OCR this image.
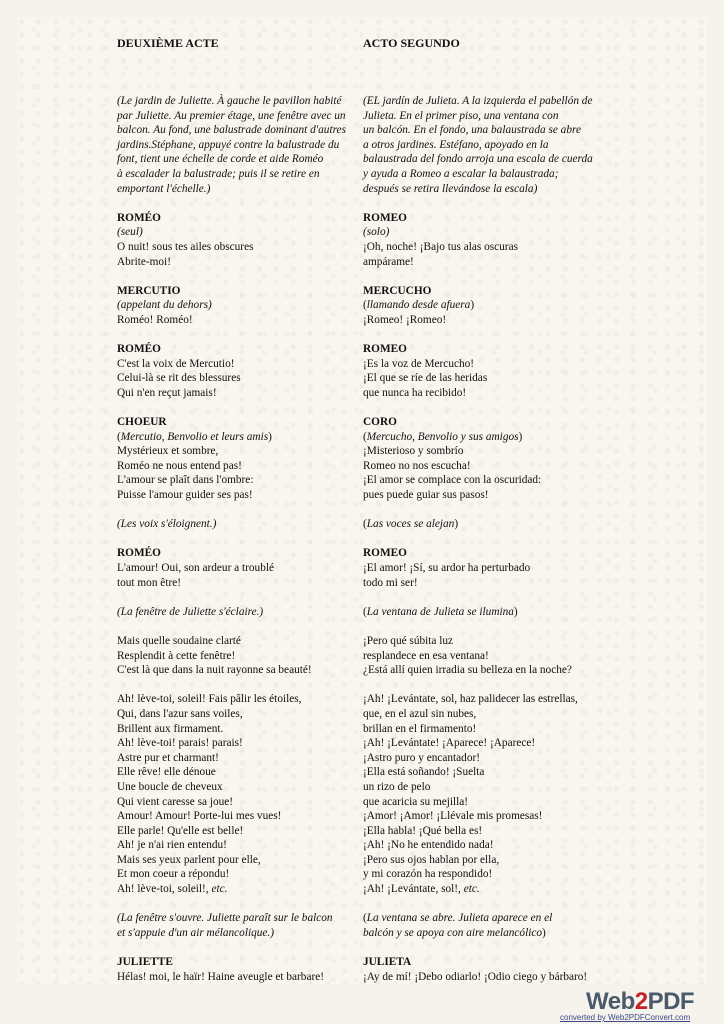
DEUXIÈME ACTE
(Le jardin de Juliette. À gauche le pavillon habité
par Juliette. Au premier étage, une fenêtre avec un
balcon. Au fond, une balustrade dominant d'autres
jardins.Stéphane, appuyé contre la balustrade du
font, tient une échelle de corde et aide Roméo
à escalader la balustrade; puis il se retire en
emportant l'échelle.)
ROMÉO
(seul)
O nuit! sous tes ailes obscures
Abrite-moi!
MERCUTIO
(appelant du dehors)
Roméo! Roméo!
ROMÉO
C'est la voix de Mercutio!
Celui-là se rit des blessures
Qui n'en reçut jamais!
CHOEUR
(Mercutio, Benvolio et leurs amis)
Mystérieux et sombre,
Roméo ne nous entend pas!
L'amour se plaît dans l'ombre:
Puisse l'amour guider ses pas!
(Les voix s'éloignent.)
ROMÉO
L'amour! Oui, son ardeur a troublé
tout mon être!
(La fenêtre de Juliette s'éclaire.)
Mais quelle soudaine clarté
Resplendit à cette fenêtre!
C'est là que dans la nuit rayonne sa beauté!
Ah! lève-toi, soleil! Fais pâlir les étoiles,
Qui, dans l'azur sans voiles,
Brillent aux firmament.
Ah! lève-toi! parais! parais!
Astre pur et charmant!
Elle rêve! elle dénoue
Une boucle de cheveux
Qui vient caresse sa joue!
Amour! Amour! Porte-lui mes vues!
Elle parle! Qu'elle est belle!
Ah! je n'ai rien entendu!
Mais ses yeux parlent pour elle,
Et mon coeur a répondu!
Ah! lève-toi, soleil!, etc.
(La fenêtre s'ouvre. Juliette paraît sur le balcon
et s'appuie d'un air mélancolique.)
JULIETTE
Hélas! moi, le haïr! Haine aveugle et barbare!
ACTO SEGUNDO
(EL jardín de Julieta. A la izquierda el pabellón de
Julieta. En el primer piso, una ventana con
un balcón. En el fondo, una balaustrada se abre
a otros jardines. Estéfano, apoyado en la
balaustrada del fondo arroja una escala de cuerda
y ayuda a Romeo a escalar la balaustrada;
después se retira llevándose la escala)
ROMEO
(solo)
¡Oh, noche! ¡Bajo tus alas oscuras
ampárame!
MERCUCHO
(llamando desde afuera)
¡Romeo! ¡Romeo!
ROMEO
¡Es la voz de Mercucho!
¡El que se ríe de las heridas
que nunca ha recibido!
CORO
(Mercucho, Benvolio y sus amigos)
¡Misterioso y sombrío
Romeo no nos escucha!
¡El amor se complace con la oscuridad:
pues puede guiar sus pasos!
(Las voces se alejan)
ROMEO
¡El amor! ¡Sí, su ardor ha perturbado
todo mi ser!
(La ventana de Julieta se ilumina)
¡Pero qué súbita luz
resplandece en esa ventana!
¿Está allí quien irradia su belleza en la noche?
¡Ah! ¡Levántate, sol, haz palidecer las estrellas,
que, en el azul sin nubes,
brillan en el firmamento!
¡Ah! ¡Levántate! ¡Aparece! ¡Aparece!
¡Astro puro y encantador!
¡Ella está soñando! ¡Suelta
un rizo de pelo
que acaricia su mejilla!
¡Amor! ¡Amor! ¡Llévale mis promesas!
¡Ella habla! ¡Qué bella es!
¡Ah! ¡No he entendido nada!
¡Pero sus ojos hablan por ella,
y mi corazón ha respondido!
¡Ah! ¡Levántate, sol!, etc.
(La ventana se abre. Julieta aparece en el
balcón y se apoya con aire melancólico)
JULIETA
¡Ay de mí! ¡Debo odiarlo! ¡Odio ciego y bárbaro!
Web2PDF
converted by Web2PDFConvert.com
